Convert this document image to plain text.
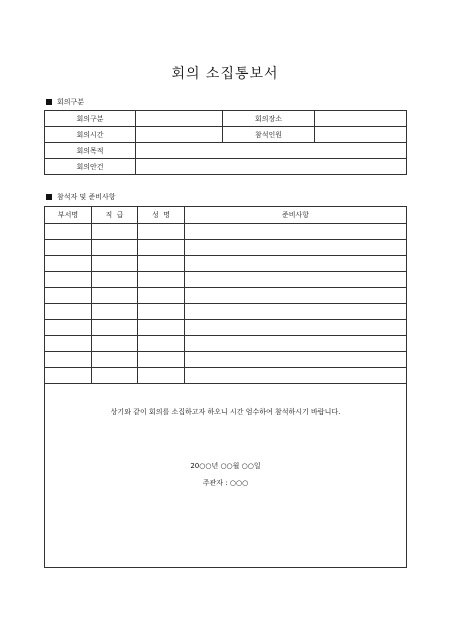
회의 소집통보서
회의구분
회의구분		회의장소	
회의시간		참석인원	
회의목적			
회의안건			
참석자 및 준비사항
부서명	직  급	성  명	준비사항

상기와 같이 회의를 소집하고자 하오니 시간 엄수하여 참석하시기 바랍니다.
20○○년 ○○월 ○○일
주관자 : ○○○
